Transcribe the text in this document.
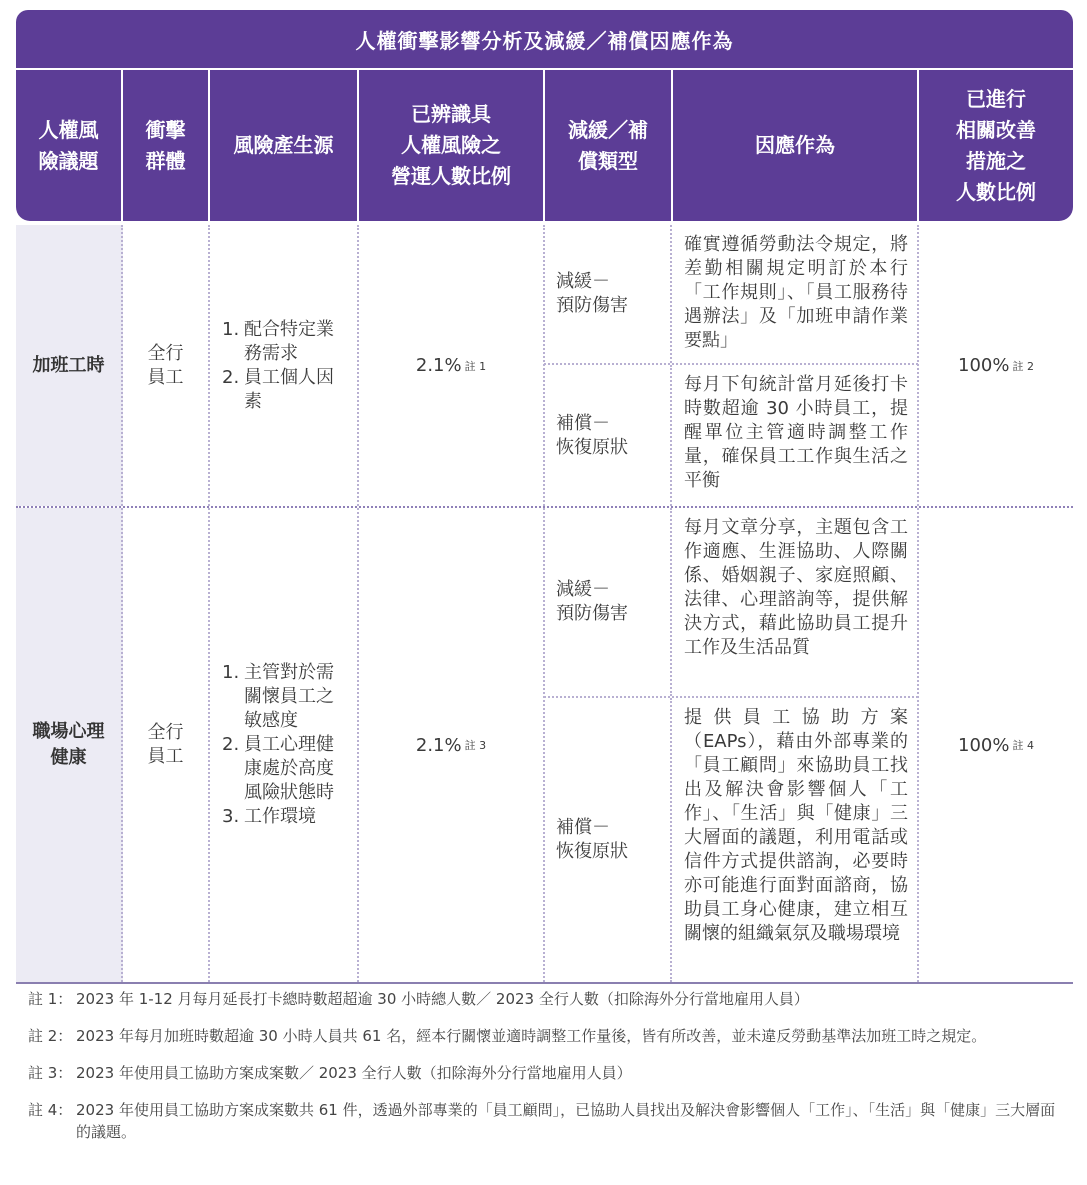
人權衝擊影響分析及減緩／補償因應作為
人權風
險議題
衝擊
群體
風險產生源
已辨識具
人權風險之
營運人數比例
減緩／補
償類型
因應作為
已進行
相關改善
措施之
人數比例
加班工時
全行
員工
1. 配合特定業務需求
2. 員工個人因素
2.1% 註 1
減緩－
預防傷害
確實遵循勞動法令規定，將差勤相關規定明訂於本行「工作規則」、「員工服務待遇辦法」及「加班申請作業要點」
補償－
恢復原狀
每月下旬統計當月延後打卡時數超逾 30 小時員工，提醒單位主管適時調整工作量，確保員工工作與生活之平衡
100% 註 2
職場心理
健康
全行
員工
1. 主管對於需關懷員工之敏感度
2. 員工心理健康處於高度風險狀態時
3. 工作環境
2.1% 註 3
減緩－
預防傷害
每月文章分享，主題包含工作適應、生涯協助、人際關係、婚姻親子、家庭照顧、法律、心理諮詢等，提供解決方式，藉此協助員工提升工作及生活品質
補償－
恢復原狀
提供員工協助方案（EAPs），藉由外部專業的「員工顧問」來協助員工找出及解決會影響個人「工作」、「生活」與「健康」三大層面的議題，利用電話或信件方式提供諮詢，必要時亦可能進行面對面諮商，協助員工身心健康，建立相互關懷的組織氣氛及職場環境
100% 註 4
註 1： 2023 年 1-12 月每月延長打卡總時數超超逾 30 小時總人數／ 2023 全行人數（扣除海外分行當地雇用人員）
註 2： 2023 年每月加班時數超逾 30 小時人員共 61 名，經本行關懷並適時調整工作量後，皆有所改善，並未違反勞動基準法加班工時之規定。
註 3： 2023 年使用員工協助方案成案數／ 2023 全行人數（扣除海外分行當地雇用人員）
註 4： 2023 年使用員工協助方案成案數共 61 件，透過外部專業的「員工顧問」，已協助人員找出及解決會影響個人「工作」、「生活」與「健康」三大層面的議題。
